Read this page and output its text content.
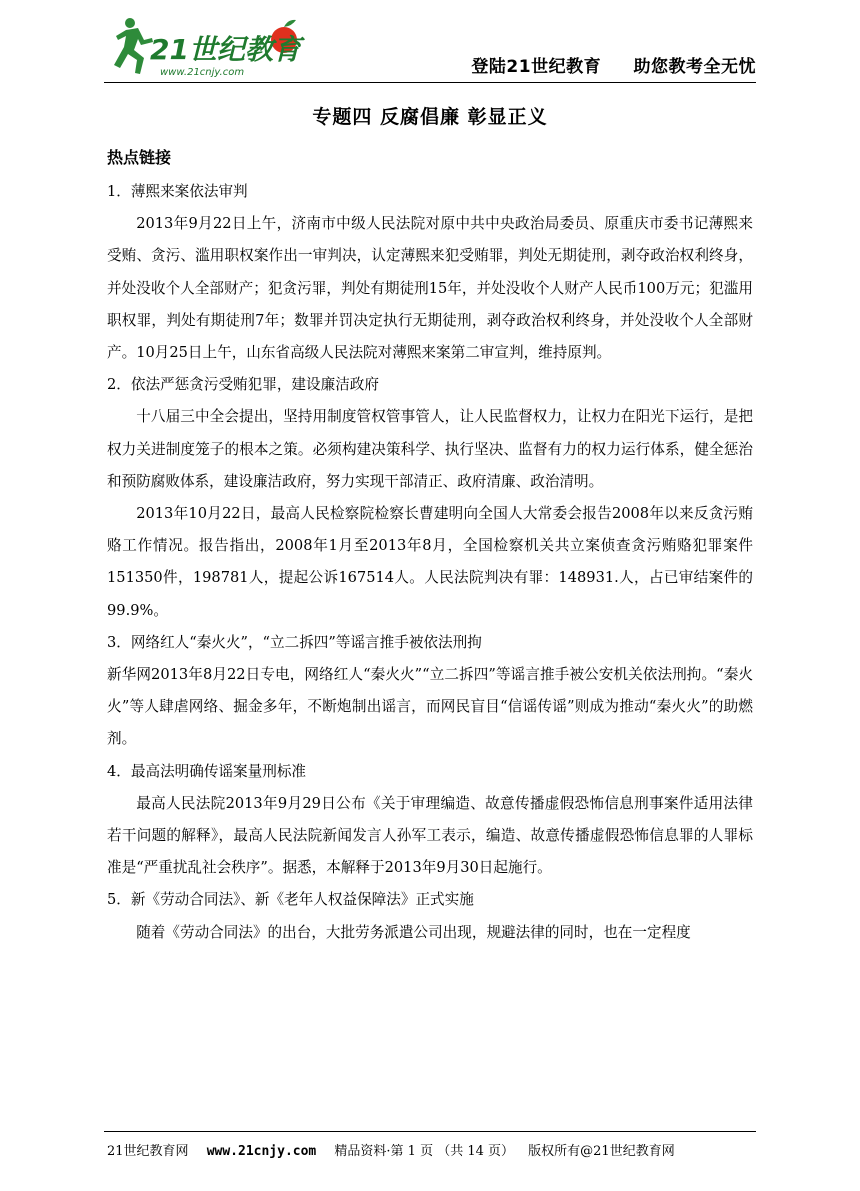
21世纪教育
www.21cnjy.com	登陆21世纪教育 助您教考全无忧
专题四 反腐倡廉 彰显正义
热点链接

1．薄熙来案依法审判

2013年9月22日上午，济南市中级人民法院对原中共中央政治局委员、原重庆市委书记薄熙来受贿、贪污、滥用职权案作出一审判决，认定薄熙来犯受贿罪，判处无期徒刑，剥夺政治权利终身，并处没收个人全部财产；犯贪污罪，判处有期徒刑15年，并处没收个人财产人民币100万元；犯滥用职权罪，判处有期徒刑7年；数罪并罚决定执行无期徒刑，剥夺政治权利终身，并处没收个人全部财产。10月25日上午，山东省高级人民法院对薄熙来案第二审宣判，维持原判。

2．依法严惩贪污受贿犯罪，建设廉洁政府

十八届三中全会提出，坚持用制度管权管事管人，让人民监督权力，让权力在阳光下运行，是把权力关进制度笼子的根本之策。必须构建决策科学、执行坚决、监督有力的权力运行体系，健全惩治和预防腐败体系，建设廉洁政府，努力实现干部清正、政府清廉、政治清明。

2013年10月22日，最高人民检察院检察长曹建明向全国人大常委会报告2008年以来反贪污贿赂工作情况。报告指出，2008年1月至2013年8月，全国检察机关共立案侦查贪污贿赂犯罪案件151350件，198781人，提起公诉167514人。人民法院判决有罪：148931.人，占已审结案件的99.9%。

3．网络红人“秦火火”，“立二拆四”等谣言推手被依法刑拘

新华网2013年8月22日专电，网络红人“秦火火”“立二拆四”等谣言推手被公安机关依法刑拘。“秦火火”等人肆虐网络、掘金多年，不断炮制出谣言，而网民盲目“信谣传谣”则成为推动“秦火火”的助燃剂。

4．最高法明确传谣案量刑标准

最高人民法院2013年9月29日公布《关于审理编造、故意传播虚假恐怖信息刑事案件适用法律若干问题的解释》，最高人民法院新闻发言人孙军工表示，编造、故意传播虚假恐怖信息罪的人罪标准是“严重扰乱社会秩序”。据悉，本解释于2013年9月30日起施行。

5．新《劳动合同法》、新《老年人权益保障法》正式实施

随着《劳动合同法》的出台，大批劳务派遣公司出现，规避法律的同时，也在一定程度

21世纪教育网 www.21cnjy.com 精品资料·第 1 页 （共 14 页） 版权所有@21世纪教育网
